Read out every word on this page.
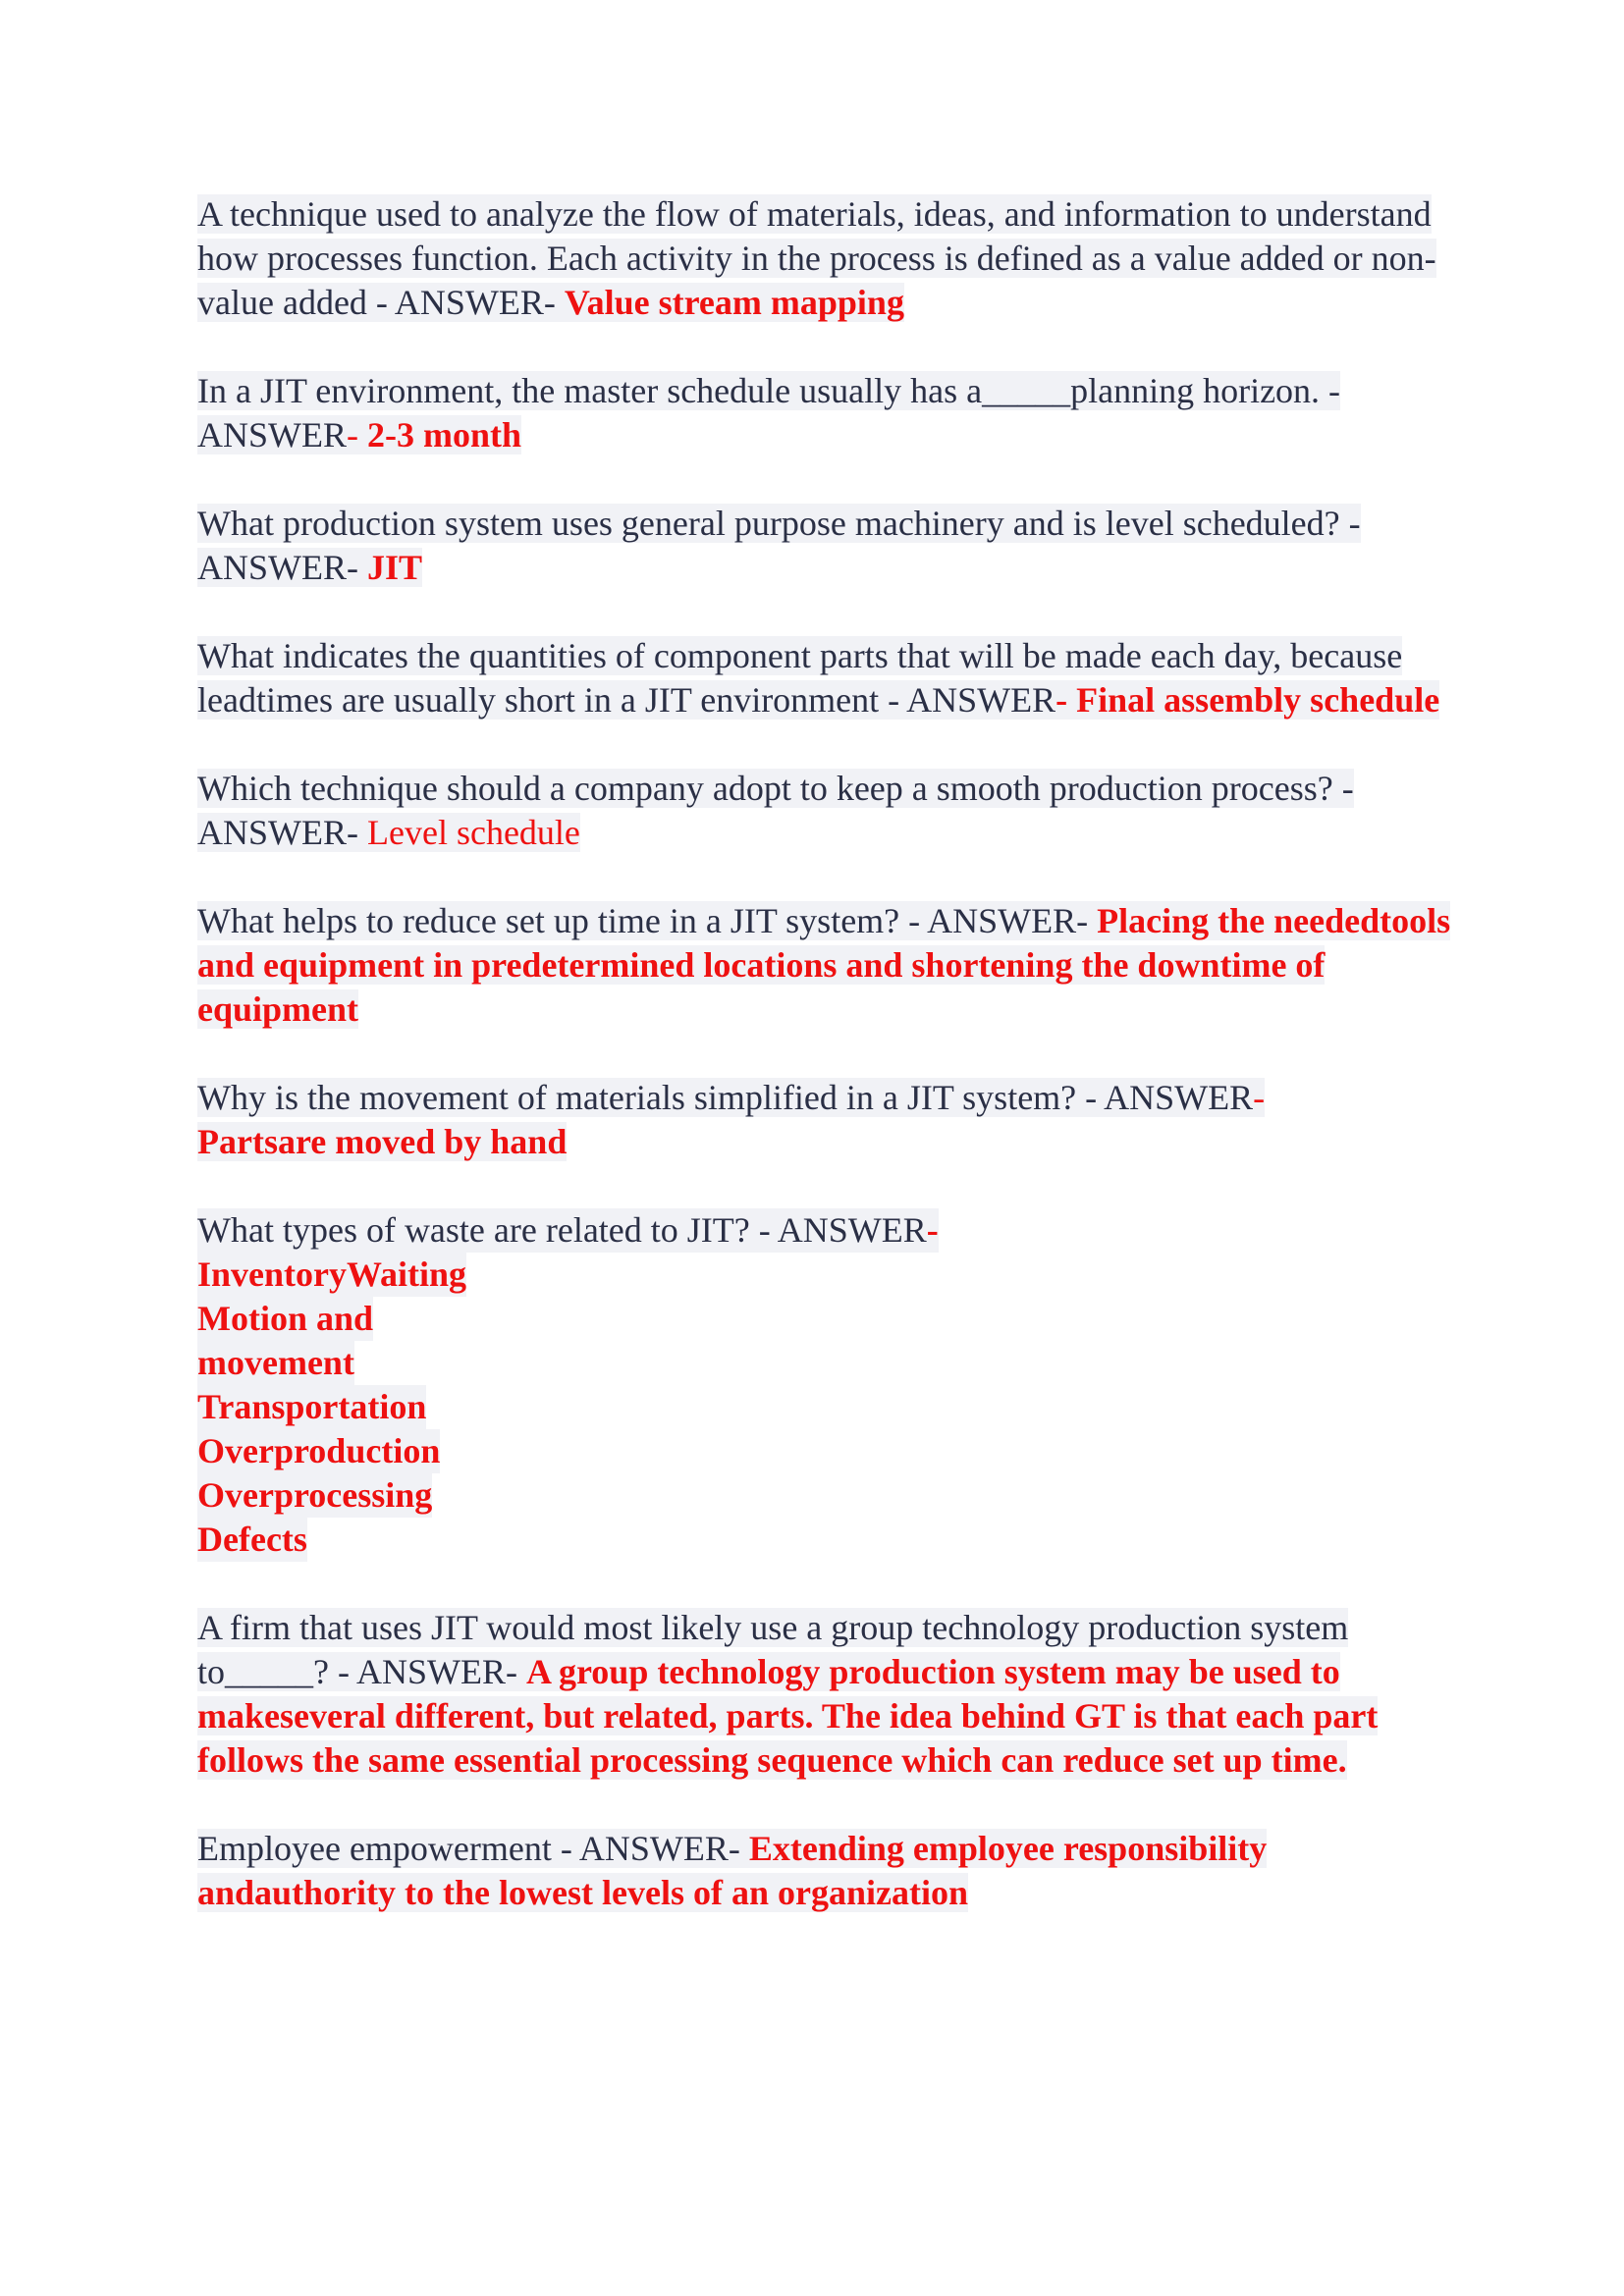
A technique used to analyze the flow of materials, ideas, and information to understand how processes function. Each activity in the process is defined as a value added or non-value added - ANSWER- Value stream mapping

In a JIT environment, the master schedule usually has a_____planning horizon. - ANSWER- 2-3 month

What production system uses general purpose machinery and is level scheduled? - ANSWER- JIT

What indicates the quantities of component parts that will be made each day, because leadtimes are usually short in a JIT environment - ANSWER- Final assembly schedule

Which technique should a company adopt to keep a smooth production process? - ANSWER- Level schedule

What helps to reduce set up time in a JIT system? - ANSWER- Placing the neededtools and equipment in predetermined locations and shortening the downtime of equipment

Why is the movement of materials simplified in a JIT system? - ANSWER-
Partsare moved by hand

What types of waste are related to JIT? - ANSWER-
InventoryWaiting
Motion and
movement
Transportation
Overproduction
Overprocessing
Defects

A firm that uses JIT would most likely use a group technology production system to_____? - ANSWER- A group technology production system may be used to makeseveral different, but related, parts. The idea behind GT is that each part follows the same essential processing sequence which can reduce set up time.

Employee empowerment - ANSWER- Extending employee responsibility andauthority to the lowest levels of an organization
